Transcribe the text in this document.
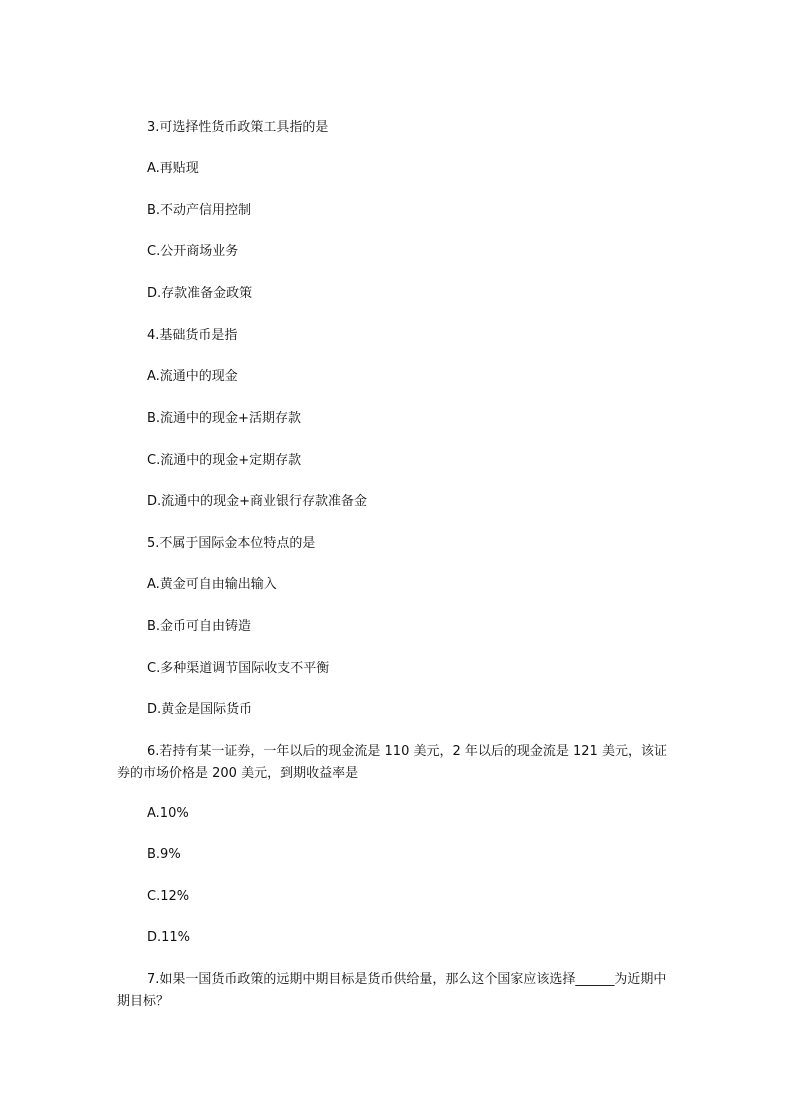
3.可选择性货币政策工具指的是
A.再贴现
B.不动产信用控制
C.公开商场业务
D.存款准备金政策
4.基础货币是指
A.流通中的现金
B.流通中的现金+活期存款
C.流通中的现金+定期存款
D.流通中的现金+商业银行存款准备金
5.不属于国际金本位特点的是
A.黄金可自由输出输入
B.金币可自由铸造
C.多种渠道调节国际收支不平衡
D.黄金是国际货币
6.若持有某一证券，一年以后的现金流是 110 美元，2 年以后的现金流是 121 美元，该证券的市场价格是 200 美元，到期收益率是
A.10%
B.9%
C.12%
D.11%
7.如果一国货币政策的远期中期目标是货币供给量，那么这个国家应该选择______为近期中期目标？
